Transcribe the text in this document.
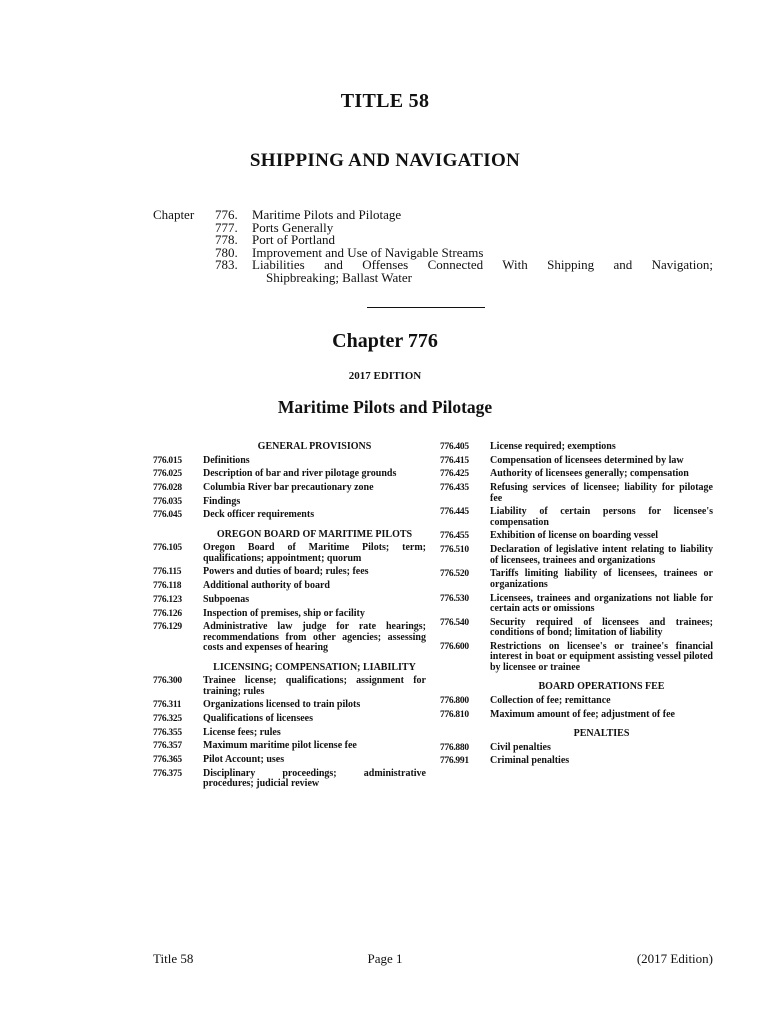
TITLE 58
SHIPPING AND NAVIGATION
Chapter 776. Maritime Pilots and Pilotage
777. Ports Generally
778. Port of Portland
780. Improvement and Use of Navigable Streams
783. Liabilities and Offenses Connected With Shipping and Navigation;
Shipbreaking; Ballast Water
Chapter 776
2017 EDITION
Maritime Pilots and Pilotage
GENERAL PROVISIONS
776.015	Definitions
776.025	Description of bar and river pilotage grounds
776.028	Columbia River bar precautionary zone
776.035	Findings
776.045	Deck officer requirements
OREGON BOARD OF MARITIME PILOTS
776.105	Oregon Board of Maritime Pilots; term; qualifications; appointment; quorum
776.115	Powers and duties of board; rules; fees
776.118	Additional authority of board
776.123	Subpoenas
776.126	Inspection of premises, ship or facility
776.129	Administrative law judge for rate hearings; recommendations from other agencies; assessing costs and expenses of hearing
LICENSING; COMPENSATION; LIABILITY
776.300	Trainee license; qualifications; assignment for training; rules
776.311	Organizations licensed to train pilots
776.325	Qualifications of licensees
776.355	License fees; rules
776.357	Maximum maritime pilot license fee
776.365	Pilot Account; uses
776.375	Disciplinary proceedings; administrative procedures; judicial review
776.405	License required; exemptions
776.415	Compensation of licensees determined by law
776.425	Authority of licensees generally; compensation
776.435	Refusing services of licensee; liability for pilotage fee
776.445	Liability of certain persons for licensee's compensation
776.455	Exhibition of license on boarding vessel
776.510	Declaration of legislative intent relating to liability of licensees, trainees and organizations
776.520	Tariffs limiting liability of licensees, trainees or organizations
776.530	Licensees, trainees and organizations not liable for certain acts or omissions
776.540	Security required of licensees and trainees; conditions of bond; limitation of liability
776.600	Restrictions on licensee's or trainee's financial interest in boat or equipment assisting vessel piloted by licensee or trainee
BOARD OPERATIONS FEE
776.800	Collection of fee; remittance
776.810	Maximum amount of fee; adjustment of fee
PENALTIES
776.880	Civil penalties
776.991	Criminal penalties
Title 58	Page 1	(2017 Edition)
